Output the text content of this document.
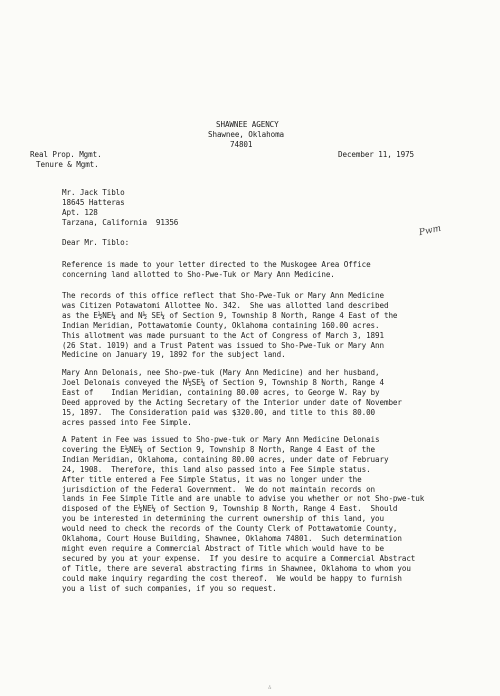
SHAWNEE AGENCY
Shawnee, Oklahoma
74801
Real Prop. Mgmt.
Tenure & Mgmt.
December 11, 1975
Mr. Jack Tiblo
18645 Hatteras
Apt. 128
Tarzana, California  91356
Pwm
Dear Mr. Tiblo:
Reference is made to your letter directed to the Muskogee Area Office
concerning land allotted to Sho-Pwe-Tuk or Mary Ann Medicine.
The records of this office reflect that Sho-Pwe-Tuk or Mary Ann Medicine
was Citizen Potawatomi Allottee No. 342.  She was allotted land described
as the E½NE¼ and N½ SE¼ of Section 9, Township 8 North, Range 4 East of the
Indian Meridian, Pottawatomie County, Oklahoma containing 160.00 acres.
This allotment was made pursuant to the Act of Congress of March 3, 1891
(26 Stat. 1019) and a Trust Patent was issued to Sho-Pwe-Tuk or Mary Ann
Medicine on January 19, 1892 for the subject land.
Mary Ann Delonais, nee Sho-pwe-tuk (Mary Ann Medicine) and her husband,
Joel Delonais conveyed the N½SE¼ of Section 9, Township 8 North, Range 4
East of    Indian Meridian, containing 80.00 acres, to George W. Ray by
Deed approved by the Acting Secretary of the Interior under date of November
15, 1897.  The Consideration paid was $320.00, and title to this 80.00
acres passed into Fee Simple.
A Patent in Fee was issued to Sho-pwe-tuk or Mary Ann Medicine Delonais
covering the E½NE¼ of Section 9, Township 8 North, Range 4 East of the
Indian Meridian, Oklahoma, containing 80.00 acres, under date of February
24, 1908.  Therefore, this land also passed into a Fee Simple status.
After title entered a Fee Simple Status, it was no longer under the
jurisdiction of the Federal Government.  We do not maintain records on
lands in Fee Simple Title and are unable to advise you whether or not Sho-pwe-tuk
disposed of the E½NE¼ of Section 9, Township 8 North, Range 4 East.  Should
you be interested in determining the current ownership of this land, you
would need to check the records of the County Clerk of Pottawatomie County,
Oklahoma, Court House Building, Shawnee, Oklahoma 74801.  Such determination
might even require a Commercial Abstract of Title which would have to be
secured by you at your expense.  If you desire to acquire a Commercial Abstract
of Title, there are several abstracting firms in Shawnee, Oklahoma to whom you
could make inquiry regarding the cost thereof.  We would be happy to furnish
you a list of such companies, if you so request.
∴
